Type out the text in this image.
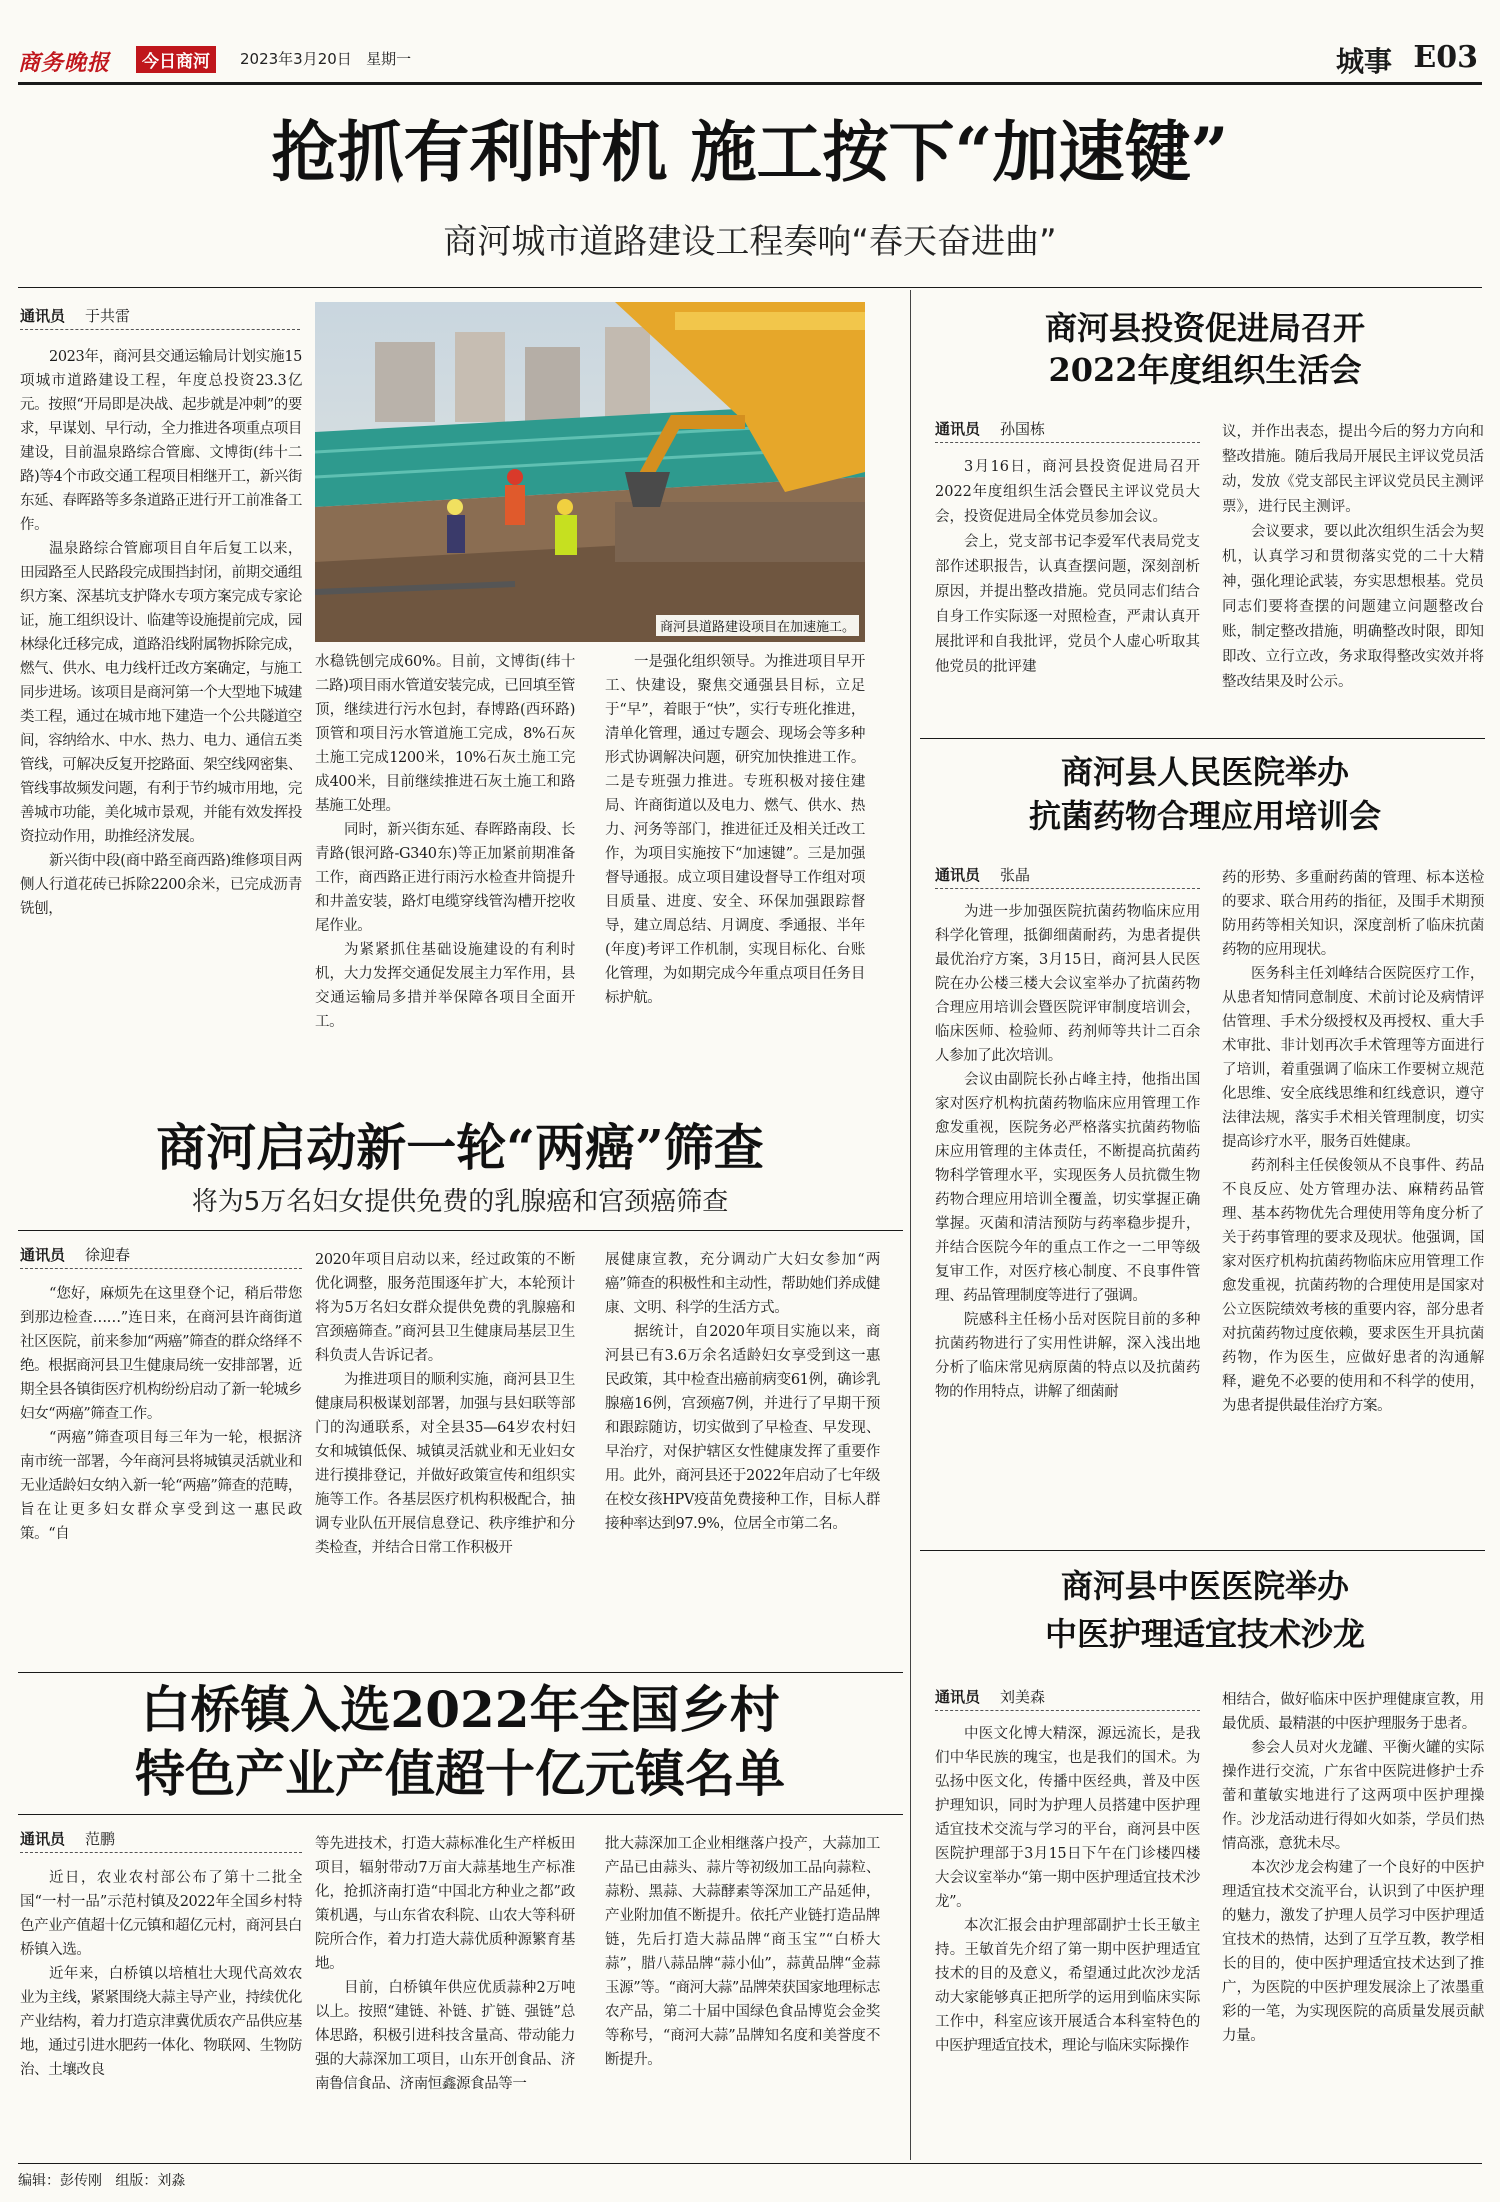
商务晚报	今日商河	2023年3月20日 星期一	城事 E03
抢抓有利时机 施工按下“加速键”
商河城市道路建设工程奏响“春天奋进曲”
通讯员 于共雷

2023年，商河县交通运输局计划实施15项城市道路建设工程，年度总投资23.3亿元。按照“开局即是决战、起步就是冲刺”的要求，早谋划、早行动，全力推进各项重点项目建设，目前温泉路综合管廊、文博街(纬十二路)等4个市政交通工程项目相继开工，新兴街东延、春晖路等多条道路正进行开工前准备工作。

温泉路综合管廊项目自年后复工以来，田园路至人民路段完成围挡封闭，前期交通组织方案、深基坑支护降水专项方案完成专家论证，施工组织设计、临建等设施提前完成，园林绿化迁移完成，道路沿线附属物拆除完成，燃气、供水、电力线杆迁改方案确定，与施工同步进场。该项目是商河第一个大型地下城建类工程，通过在城市地下建造一个公共隧道空间，容纳给水、中水、热力、电力、通信五类管线，可解决反复开挖路面、架空线网密集、管线事故频发问题，有利于节约城市用地，完善城市功能，美化城市景观，并能有效发挥投资拉动作用，助推经济发展。

新兴街中段(商中路至商西路)维修项目两侧人行道花砖已拆除2200余米，已完成沥青铣刨，

商河县道路建设项目在加速施工。

水稳铣刨完成60%。目前，文博街(纬十二路)项目雨水管道安装完成，已回填至管顶，继续进行污水包封，春博路(西环路)顶管和项目污水管道施工完成，8%石灰土施工完成1200米，10%石灰土施工完成400米，目前继续推进石灰土施工和路基施工处理。

同时，新兴街东延、春晖路南段、长青路(银河路-G340东)等正加紧前期准备工作，商西路正进行雨污水检查井筒提升和井盖安装，路灯电缆穿线管沟槽开挖收尾作业。

为紧紧抓住基础设施建设的有利时机，大力发挥交通促发展主力军作用，县交通运输局多措并举保障各项目全面开工。

一是强化组织领导。为推进项目早开工、快建设，聚焦交通强县目标，立足于“早”，着眼于“快”，实行专班化推进，清单化管理，通过专题会、现场会等多种形式协调解决问题，研究加快推进工作。二是专班强力推进。专班积极对接住建局、许商街道以及电力、燃气、供水、热力、河务等部门，推进征迁及相关迁改工作，为项目实施按下“加速键”。三是加强督导通报。成立项目建设督导工作组对项目质量、进度、安全、环保加强跟踪督导，建立周总结、月调度、季通报、半年(年度)考评工作机制，实现目标化、台账化管理，为如期完成今年重点项目任务目标护航。

商河县投资促进局召开
2022年度组织生活会
通讯员 孙国栋

3月16日，商河县投资促进局召开2022年度组织生活会暨民主评议党员大会，投资促进局全体党员参加会议。

会上，党支部书记李爱军代表局党支部作述职报告，认真查摆问题，深刻剖析原因，并提出整改措施。党员同志们结合自身工作实际逐一对照检查，严肃认真开展批评和自我批评，党员个人虚心听取其他党员的批评建

议，并作出表态，提出今后的努力方向和整改措施。随后我局开展民主评议党员活动，发放《党支部民主评议党员民主测评票》，进行民主测评。

会议要求，要以此次组织生活会为契机，认真学习和贯彻落实党的二十大精神，强化理论武装，夯实思想根基。党员同志们要将查摆的问题建立问题整改台账，制定整改措施，明确整改时限，即知即改、立行立改，务求取得整改实效并将整改结果及时公示。

商河县人民医院举办
抗菌药物合理应用培训会
通讯员 张晶

为进一步加强医院抗菌药物临床应用科学化管理，抵御细菌耐药，为患者提供最优治疗方案，3月15日，商河县人民医院在办公楼三楼大会议室举办了抗菌药物合理应用培训会暨医院评审制度培训会，临床医师、检验师、药剂师等共计二百余人参加了此次培训。

会议由副院长孙占峰主持，他指出国家对医疗机构抗菌药物临床应用管理工作愈发重视，医院务必严格落实抗菌药物临床应用管理的主体责任，不断提高抗菌药物科学管理水平，实现医务人员抗微生物药物合理应用培训全覆盖，切实掌握正确掌握。灭菌和清洁预防与药率稳步提升，并结合医院今年的重点工作之一二甲等级复审工作，对医疗核心制度、不良事件管理、药品管理制度等进行了强调。

院感科主任杨小岳对医院目前的多种抗菌药物进行了实用性讲解，深入浅出地分析了临床常见病原菌的特点以及抗菌药物的作用特点，讲解了细菌耐

药的形势、多重耐药菌的管理、标本送检的要求、联合用药的指征，及围手术期预防用药等相关知识，深度剖析了临床抗菌药物的应用现状。

医务科主任刘峰结合医院医疗工作，从患者知情同意制度、术前讨论及病情评估管理、手术分级授权及再授权、重大手术审批、非计划再次手术管理等方面进行了培训，着重强调了临床工作要树立规范化思维、安全底线思维和红线意识，遵守法律法规，落实手术相关管理制度，切实提高诊疗水平，服务百姓健康。

药剂科主任侯俊领从不良事件、药品不良反应、处方管理办法、麻精药品管理、基本药物优先合理使用等角度分析了关于药事管理的要求及现状。他强调，国家对医疗机构抗菌药物临床应用管理工作愈发重视，抗菌药物的合理使用是国家对公立医院绩效考核的重要内容，部分患者对抗菌药物过度依赖，要求医生开具抗菌药物，作为医生，应做好患者的沟通解释，避免不必要的使用和不科学的使用，为患者提供最佳治疗方案。

商河县中医医院举办
中医护理适宜技术沙龙
通讯员 刘美森

中医文化博大精深，源远流长，是我们中华民族的瑰宝，也是我们的国术。为弘扬中医文化，传播中医经典，普及中医护理知识，同时为护理人员搭建中医护理适宜技术交流与学习的平台，商河县中医医院护理部于3月15日下午在门诊楼四楼大会议室举办“第一期中医护理适宜技术沙龙”。

本次汇报会由护理部副护士长王敏主持。王敏首先介绍了第一期中医护理适宜技术的目的及意义，希望通过此次沙龙活动大家能够真正把所学的运用到临床实际工作中，科室应该开展适合本科室特色的中医护理适宜技术，理论与临床实际操作

相结合，做好临床中医护理健康宣教，用最优质、最精湛的中医护理服务于患者。

参会人员对火龙罐、平衡火罐的实际操作进行交流，广东省中医院进修护士乔蕾和董敏实地进行了这两项中医护理操作。沙龙活动进行得如火如荼，学员们热情高涨，意犹未尽。

本次沙龙会构建了一个良好的中医护理适宜技术交流平台，认识到了中医护理的魅力，激发了护理人员学习中医护理适宜技术的热情，达到了互学互教，教学相长的目的，使中医护理适宜技术达到了推广，为医院的中医护理发展涂上了浓墨重彩的一笔，为实现医院的高质量发展贡献力量。

商河启动新一轮“两癌”筛查
将为5万名妇女提供免费的乳腺癌和宫颈癌筛查
通讯员 徐迎春

“您好，麻烦先在这里登个记，稍后带您到那边检查……”连日来，在商河县许商街道社区医院，前来参加“两癌”筛查的群众络绎不绝。根据商河县卫生健康局统一安排部署，近期全县各镇街医疗机构纷纷启动了新一轮城乡妇女“两癌”筛查工作。

“两癌”筛查项目每三年为一轮，根据济南市统一部署，今年商河县将城镇灵活就业和无业适龄妇女纳入新一轮“两癌”筛查的范畴，旨在让更多妇女群众享受到这一惠民政策。“自

2020年项目启动以来，经过政策的不断优化调整，服务范围逐年扩大，本轮预计将为5万名妇女群众提供免费的乳腺癌和宫颈癌筛查。”商河县卫生健康局基层卫生科负责人告诉记者。

为推进项目的顺利实施，商河县卫生健康局积极谋划部署，加强与县妇联等部门的沟通联系，对全县35—64岁农村妇女和城镇低保、城镇灵活就业和无业妇女进行摸排登记，并做好政策宣传和组织实施等工作。各基层医疗机构积极配合，抽调专业队伍开展信息登记、秩序维护和分类检查，并结合日常工作积极开

展健康宣教，充分调动广大妇女参加“两癌”筛查的积极性和主动性，帮助她们养成健康、文明、科学的生活方式。

据统计，自2020年项目实施以来，商河县已有3.6万余名适龄妇女享受到这一惠民政策，其中检查出癌前病变61例，确诊乳腺癌16例，宫颈癌7例，并进行了早期干预和跟踪随访，切实做到了早检查、早发现、早治疗，对保护辖区女性健康发挥了重要作用。此外，商河县还于2022年启动了七年级在校女孩HPV疫苗免费接种工作，目标人群接种率达到97.9%，位居全市第二名。

白桥镇入选2022年全国乡村
特色产业产值超十亿元镇名单
通讯员 范鹏

近日，农业农村部公布了第十二批全国“一村一品”示范村镇及2022年全国乡村特色产业产值超十亿元镇和超亿元村，商河县白桥镇入选。

近年来，白桥镇以培植壮大现代高效农业为主线，紧紧围绕大蒜主导产业，持续优化产业结构，着力打造京津冀优质农产品供应基地，通过引进水肥药一体化、物联网、生物防治、土壤改良

等先进技术，打造大蒜标准化生产样板田项目，辐射带动7万亩大蒜基地生产标准化，抢抓济南打造“中国北方种业之都”政策机遇，与山东省农科院、山农大等科研院所合作，着力打造大蒜优质种源繁育基地。

目前，白桥镇年供应优质蒜种2万吨以上。按照“建链、补链、扩链、强链”总体思路，积极引进科技含量高、带动能力强的大蒜深加工项目，山东开创食品、济南鲁信食品、济南恒鑫源食品等一

批大蒜深加工企业相继落户投产，大蒜加工产品已由蒜头、蒜片等初级加工品向蒜粒、蒜粉、黑蒜、大蒜酵素等深加工产品延伸，产业附加值不断提升。依托产业链打造品牌链，先后打造大蒜品牌“商玉宝”“白桥大蒜”，腊八蒜品牌“蒜小仙”，蒜黄品牌“金蒜玉源”等。“商河大蒜”品牌荣获国家地理标志农产品，第二十届中国绿色食品博览会金奖等称号，“商河大蒜”品牌知名度和美誉度不断提升。

编辑：彭传刚 组版：刘淼
